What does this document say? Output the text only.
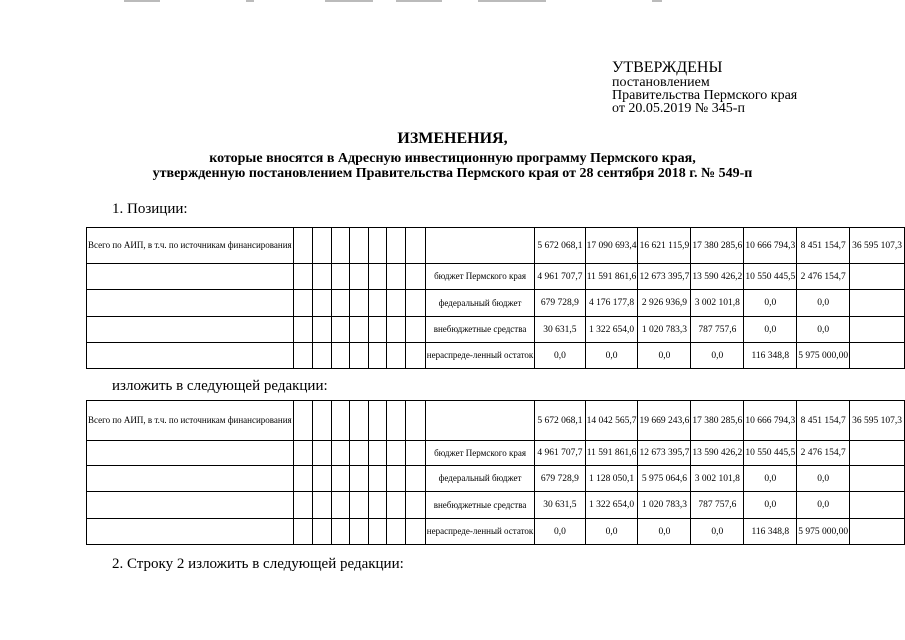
УТВЕРЖДЕНЫ
постановлением
Правительства Пермского края
от 20.05.2019 № 345-п
ИЗМЕНЕНИЯ,
которые вносятся в Адресную инвестиционную программу Пермского края,
утвержденную постановлением Правительства Пермского края от 28 сентября 2018 г. № 549-п
1. Позиции:
Всего по АИП, в т.ч. по источникам финансирования									5 672 068,1	17 090 693,4	16 621 115,9	17 380 285,6	10 666 794,3	8 451 154,7	36 595 107,3
								бюджет Пермского края	4 961 707,7	11 591 861,6	12 673 395,7	13 590 426,2	10 550 445,5	2 476 154,7	
								федеральный бюджет	679 728,9	4 176 177,8	2 926 936,9	3 002 101,8	0,0	0,0	
								внебюджетные средства	30 631,5	1 322 654,0	1 020 783,3	787 757,6	0,0	0,0	
								нераспреде-ленный остаток	0,0	0,0	0,0	0,0	116 348,8	5 975 000,00	
изложить в следующей редакции:
Всего по АИП, в т.ч. по источникам финансирования									5 672 068,1	14 042 565,7	19 669 243,6	17 380 285,6	10 666 794,3	8 451 154,7	36 595 107,3
								бюджет Пермского края	4 961 707,7	11 591 861,6	12 673 395,7	13 590 426,2	10 550 445,5	2 476 154,7	
								федеральный бюджет	679 728,9	1 128 050,1	5 975 064,6	3 002 101,8	0,0	0,0	
								внебюджетные средства	30 631,5	1 322 654,0	1 020 783,3	787 757,6	0,0	0,0	
								нераспреде-ленный остаток	0,0	0,0	0,0	0,0	116 348,8	5 975 000,00	
2. Строку 2 изложить в следующей редакции:
